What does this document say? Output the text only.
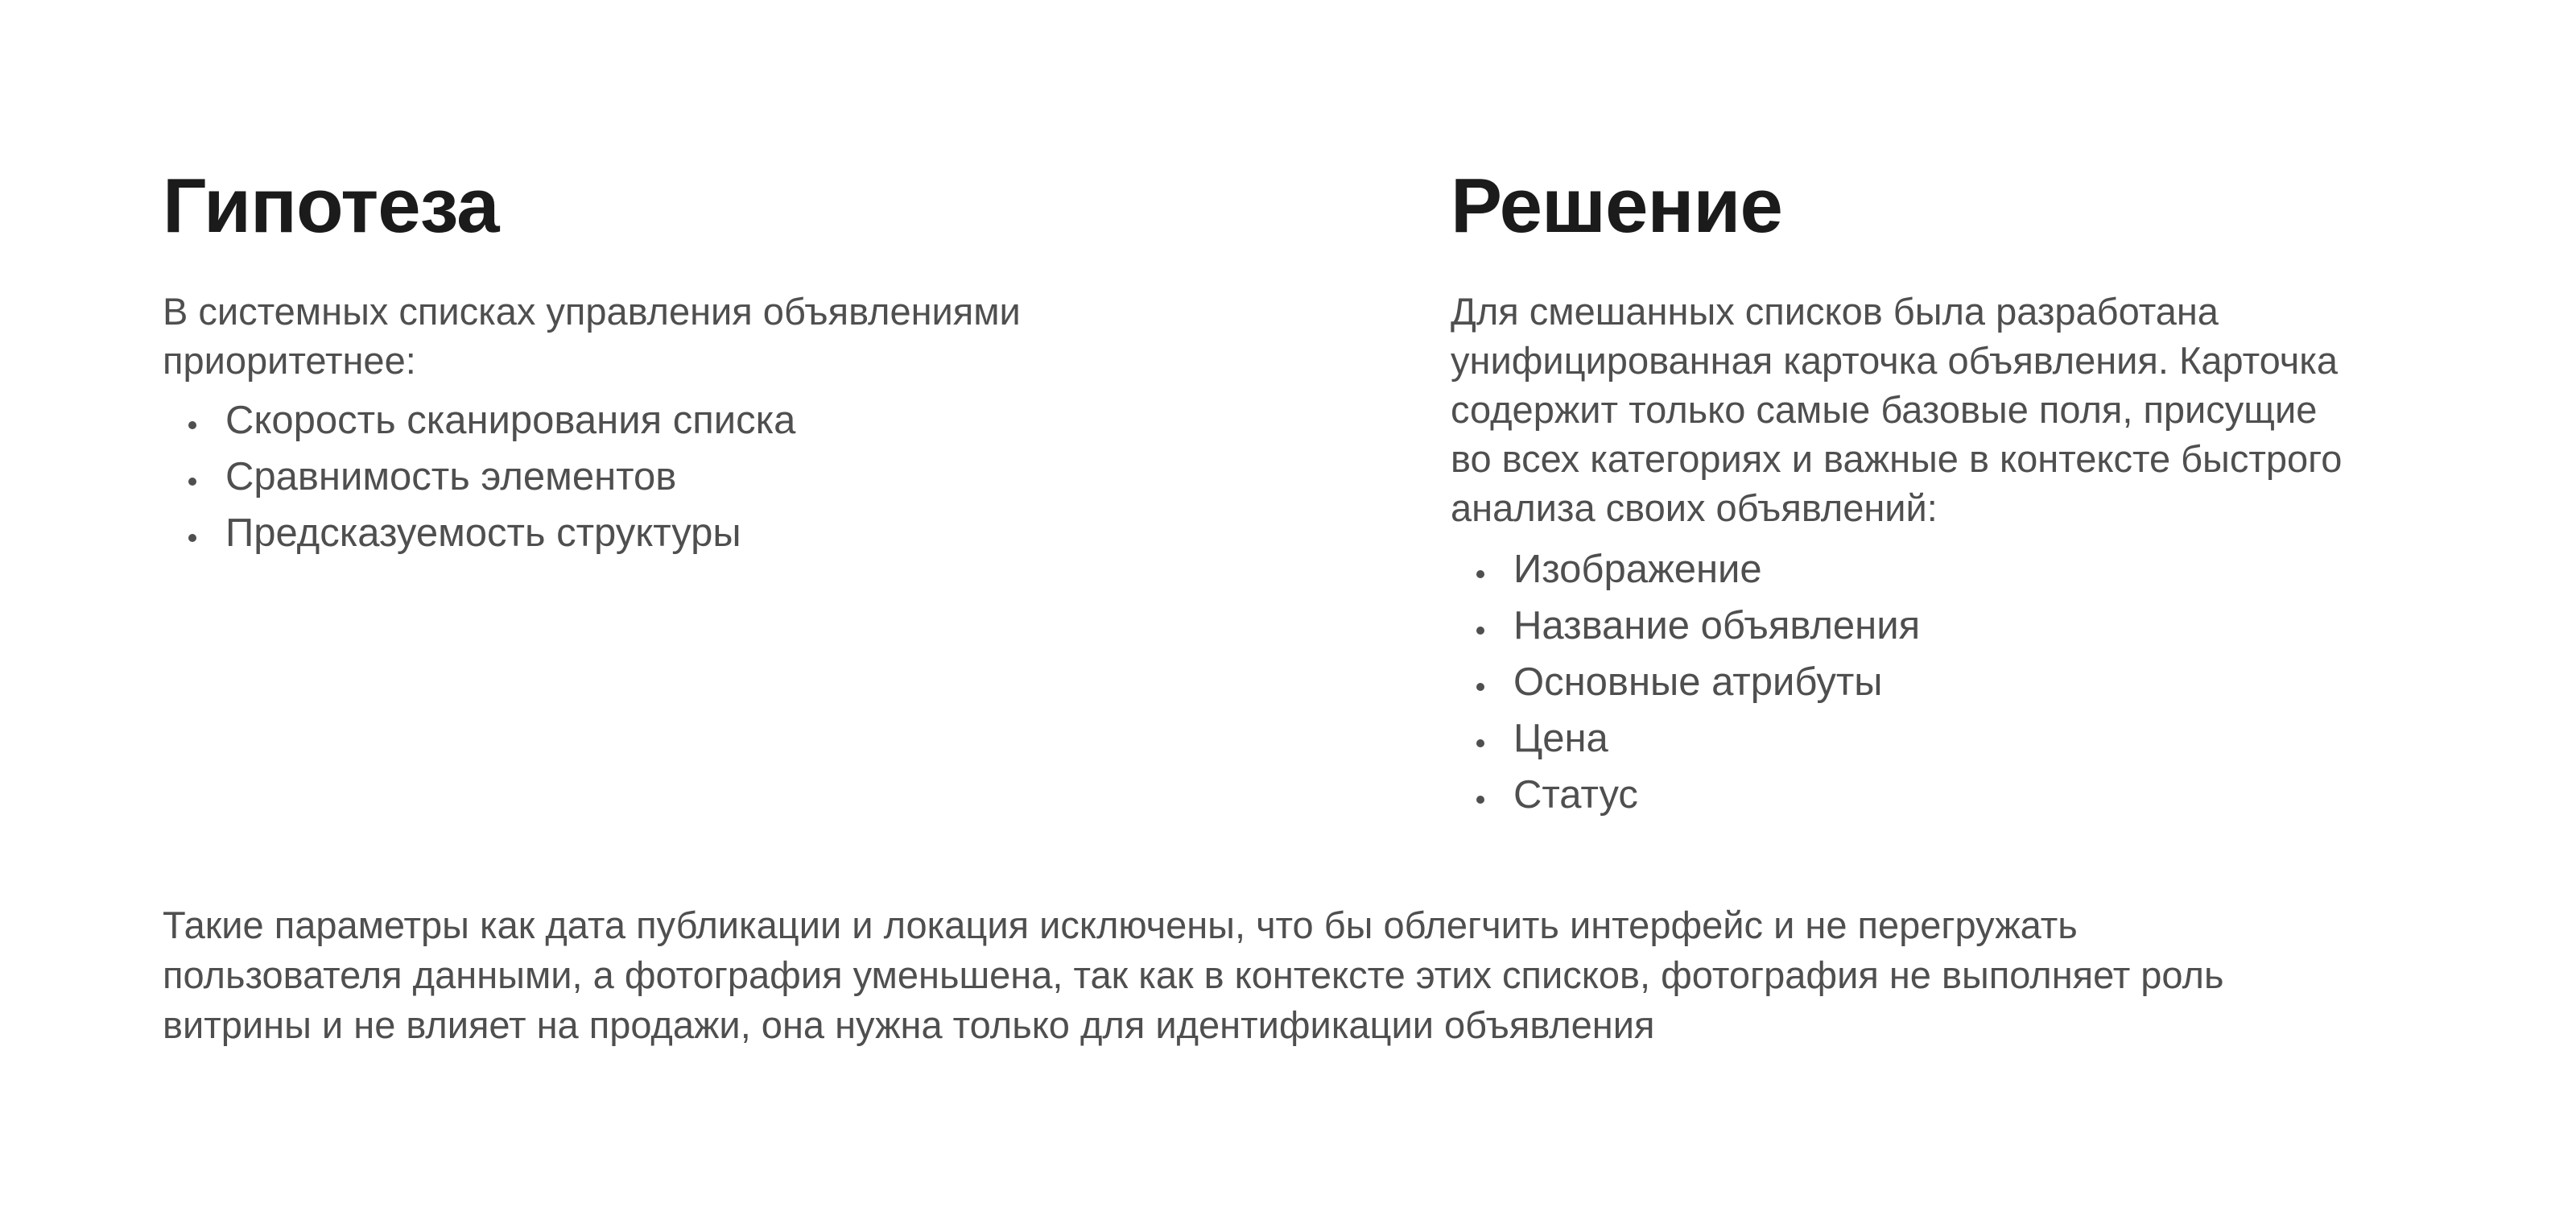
Гипотеза

В системных списках управления объявлениями
приоритетнее:

Скорость сканирования списка
Сравнимость элементов
Предсказуемость структуры
Решение

Для смешанных списков была разработана
унифицированная карточка объявления. Карточка
содержит только самые базовые поля, присущие
во всех категориях и важные в контексте быстрого
анализа своих объявлений:

Изображение
Название объявления
Основные атрибуты
Цена
Статус

Такие параметры как дата публикации и локация исключены, что бы облегчить интерфейс и не перегружать
пользователя данными, а фотография уменьшена, так как в контексте этих списков, фотография не выполняет роль
витрины и не влияет на продажи, она нужна только для идентификации объявления
